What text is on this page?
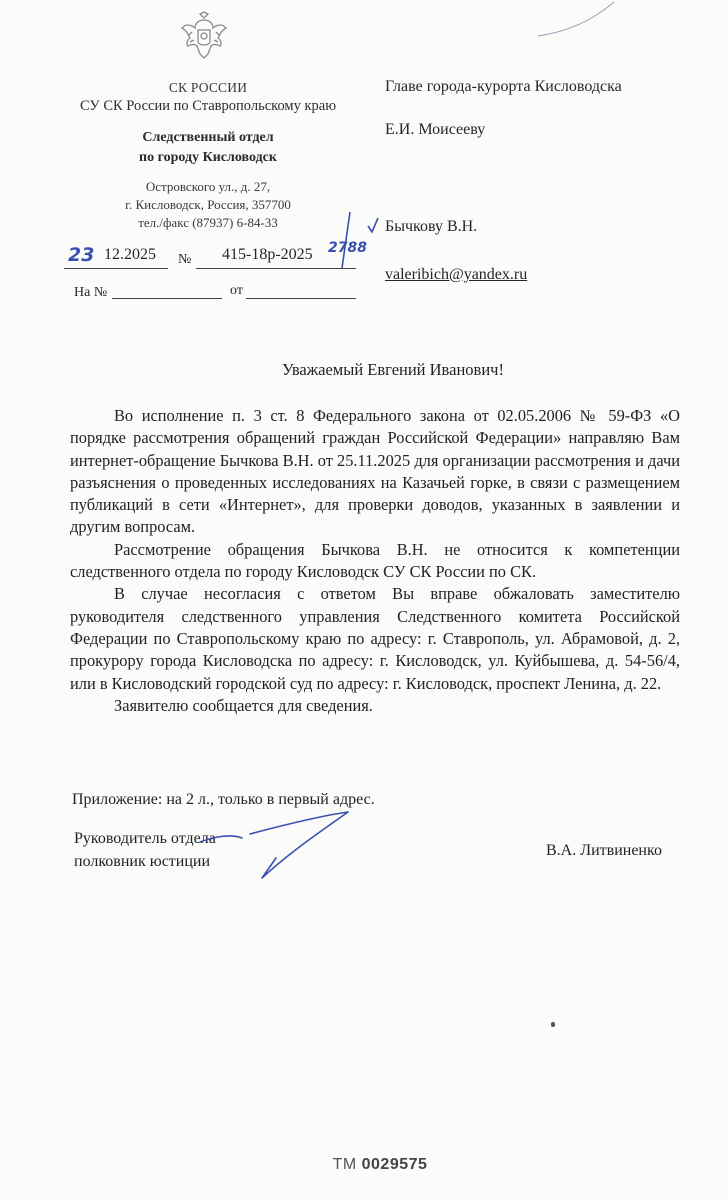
СК РОССИИ
СУ СК России по Ставропольскому краю
Следственный отдел
по городу Кисловодск
Островского ул., д. 27,
г. Кисловодск, Россия, 357700
тел./факс (87937) 6-84-33
23 12.2025 № 415-18р-2025 2788
На №	от
Главе города-курорта Кисловодска
Е.И. Моисееву
Бычкову В.Н.
valeribich@yandex.ru
Уважаемый Евгений Иванович!

Во исполнение п. 3 ст. 8 Федерального закона от 02.05.2006 № 59-ФЗ «О порядке рассмотрения обращений граждан Российской Федерации» направляю Вам интернет-обращение Бычкова В.Н. от 25.11.2025 для организации рассмотрения и дачи разъяснения о проведенных исследованиях на Казачьей горке, в связи с размещением публикаций в сети «Интернет», для проверки доводов, указанных в заявлении и другим вопросам.

Рассмотрение обращения Бычкова В.Н. не относится к компетенции следственного отдела по городу Кисловодск СУ СК России по СК.

В случае несогласия с ответом Вы вправе обжаловать заместителю руководителя следственного управления Следственного комитета Российской Федерации по Ставропольскому краю по адресу: г. Ставрополь, ул. Абрамовой, д. 2, прокурору города Кисловодска по адресу: г. Кисловодск, ул. Куйбышева, д. 54-56/4, или в Кисловодский городской суд по адресу: г. Кисловодск, проспект Ленина, д. 22.

Заявителю сообщается для сведения.

Приложение: на 2 л., только в первый адрес.
Руководитель отдела
полковник юстиции
В.А. Литвиненко
ТМ 0029575
